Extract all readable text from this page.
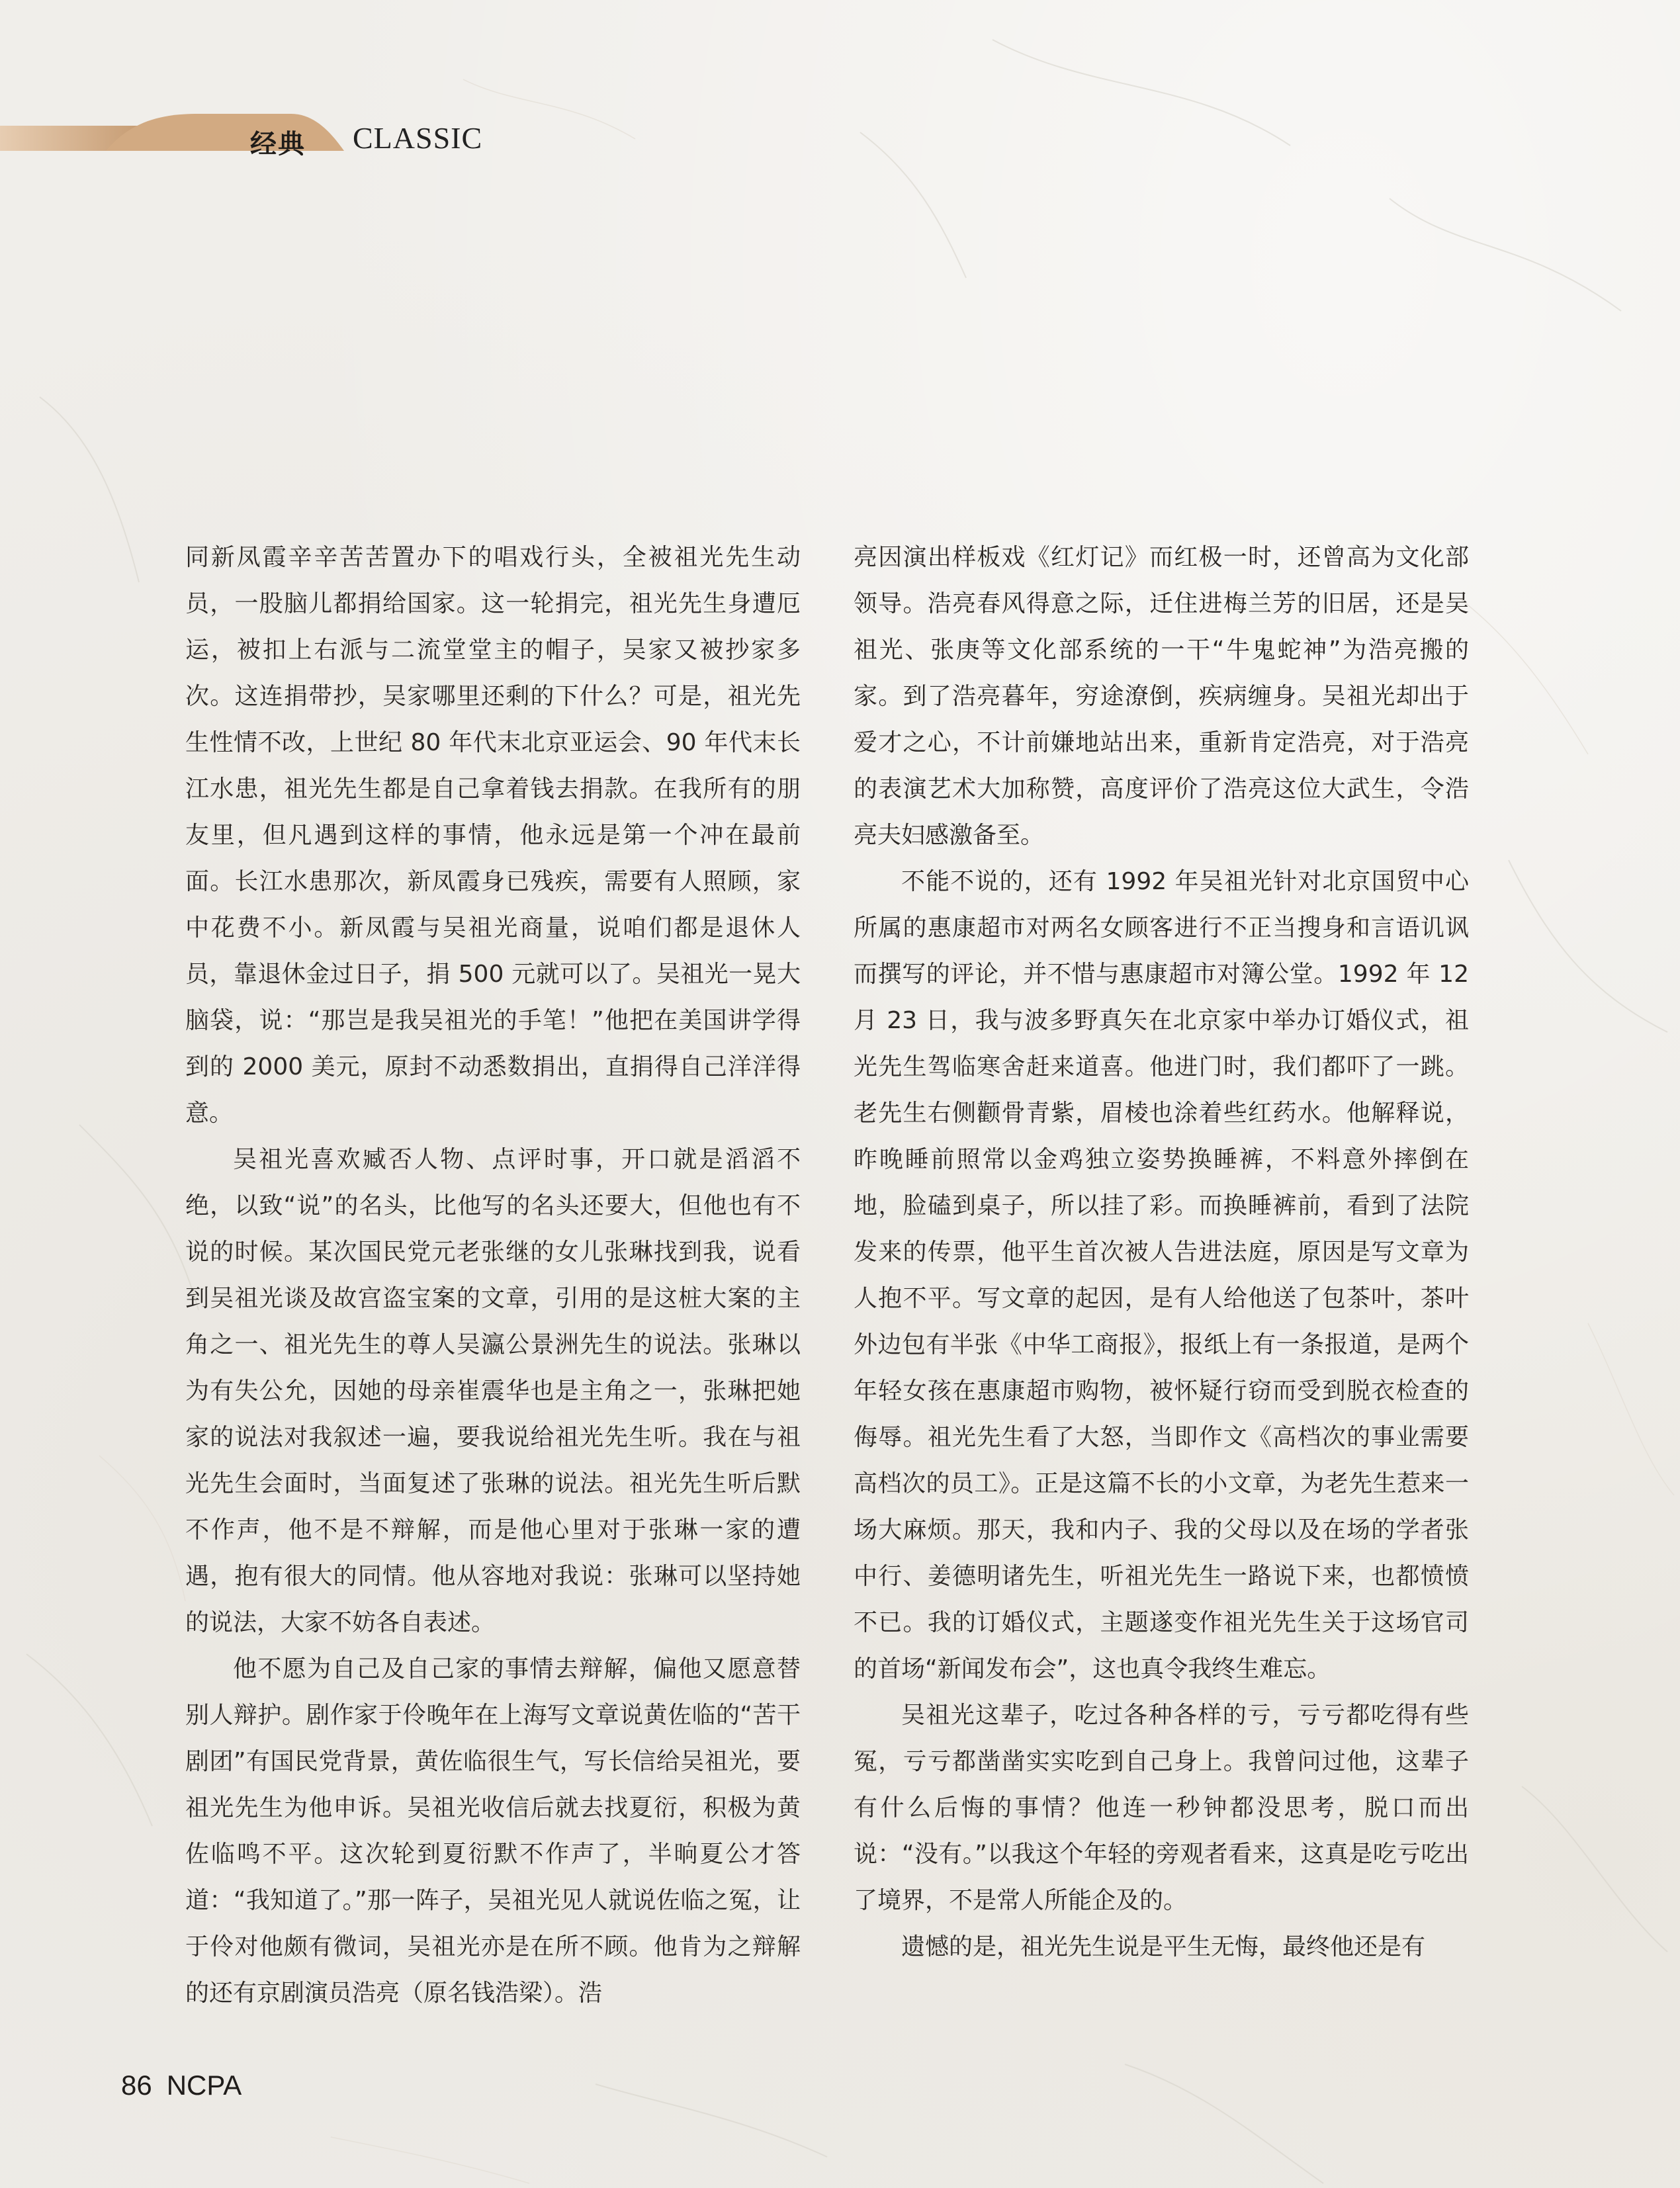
经典 CLASSIC

同新凤霞辛辛苦苦置办下的唱戏行头，全被祖光先生动员，一股脑儿都捐给国家。这一轮捐完，祖光先生身遭厄运，被扣上右派与二流堂堂主的帽子，吴家又被抄家多次。这连捐带抄，吴家哪里还剩的下什么？可是，祖光先生性情不改，上世纪 80 年代末北京亚运会、90 年代末长江水患，祖光先生都是自己拿着钱去捐款。在我所有的朋友里，但凡遇到这样的事情，他永远是第一个冲在最前面。长江水患那次，新凤霞身已残疾，需要有人照顾，家中花费不小。新凤霞与吴祖光商量，说咱们都是退休人员，靠退休金过日子，捐 500 元就可以了。吴祖光一晃大脑袋，说：“那岂是我吴祖光的手笔！”他把在美国讲学得到的 2000 美元，原封不动悉数捐出，直捐得自己洋洋得意。

吴祖光喜欢臧否人物、点评时事，开口就是滔滔不绝，以致“说”的名头，比他写的名头还要大，但他也有不说的时候。某次国民党元老张继的女儿张琳找到我，说看到吴祖光谈及故宫盗宝案的文章，引用的是这桩大案的主角之一、祖光先生的尊人吴瀛公景洲先生的说法。张琳以为有失公允，因她的母亲崔震华也是主角之一，张琳把她家的说法对我叙述一遍，要我说给祖光先生听。我在与祖光先生会面时，当面复述了张琳的说法。祖光先生听后默不作声，他不是不辩解，而是他心里对于张琳一家的遭遇，抱有很大的同情。他从容地对我说：张琳可以坚持她的说法，大家不妨各自表述。

他不愿为自己及自己家的事情去辩解，偏他又愿意替别人辩护。剧作家于伶晚年在上海写文章说黄佐临的“苦干剧团”有国民党背景，黄佐临很生气，写长信给吴祖光，要祖光先生为他申诉。吴祖光收信后就去找夏衍，积极为黄佐临鸣不平。这次轮到夏衍默不作声了，半晌夏公才答道：“我知道了。”那一阵子，吴祖光见人就说佐临之冤，让于伶对他颇有微词，吴祖光亦是在所不顾。他肯为之辩解的还有京剧演员浩亮（原名钱浩梁）。浩

亮因演出样板戏《红灯记》而红极一时，还曾高为文化部领导。浩亮春风得意之际，迁住进梅兰芳的旧居，还是吴祖光、张庚等文化部系统的一干“牛鬼蛇神”为浩亮搬的家。到了浩亮暮年，穷途潦倒，疾病缠身。吴祖光却出于爱才之心，不计前嫌地站出来，重新肯定浩亮，对于浩亮的表演艺术大加称赞，高度评价了浩亮这位大武生，令浩亮夫妇感激备至。

不能不说的，还有 1992 年吴祖光针对北京国贸中心所属的惠康超市对两名女顾客进行不正当搜身和言语讥讽而撰写的评论，并不惜与惠康超市对簿公堂。1992 年 12 月 23 日，我与波多野真矢在北京家中举办订婚仪式，祖光先生驾临寒舍赶来道喜。他进门时，我们都吓了一跳。老先生右侧颧骨青紫，眉棱也涂着些红药水。他解释说，昨晚睡前照常以金鸡独立姿势换睡裤，不料意外摔倒在地，脸磕到桌子，所以挂了彩。而换睡裤前，看到了法院发来的传票，他平生首次被人告进法庭，原因是写文章为人抱不平。写文章的起因，是有人给他送了包茶叶，茶叶外边包有半张《中华工商报》，报纸上有一条报道，是两个年轻女孩在惠康超市购物，被怀疑行窃而受到脱衣检查的侮辱。祖光先生看了大怒，当即作文《高档次的事业需要高档次的员工》。正是这篇不长的小文章，为老先生惹来一场大麻烦。那天，我和内子、我的父母以及在场的学者张中行、姜德明诸先生，听祖光先生一路说下来，也都愤愤不已。我的订婚仪式，主题遂变作祖光先生关于这场官司的首场“新闻发布会”，这也真令我终生难忘。

吴祖光这辈子，吃过各种各样的亏，亏亏都吃得有些冤，亏亏都凿凿实实吃到自己身上。我曾问过他，这辈子有什么后悔的事情？他连一秒钟都没思考，脱口而出说：“没有。”以我这个年轻的旁观者看来，这真是吃亏吃出了境界，不是常人所能企及的。

遗憾的是，祖光先生说是平生无悔，最终他还是有

86 NCPA
